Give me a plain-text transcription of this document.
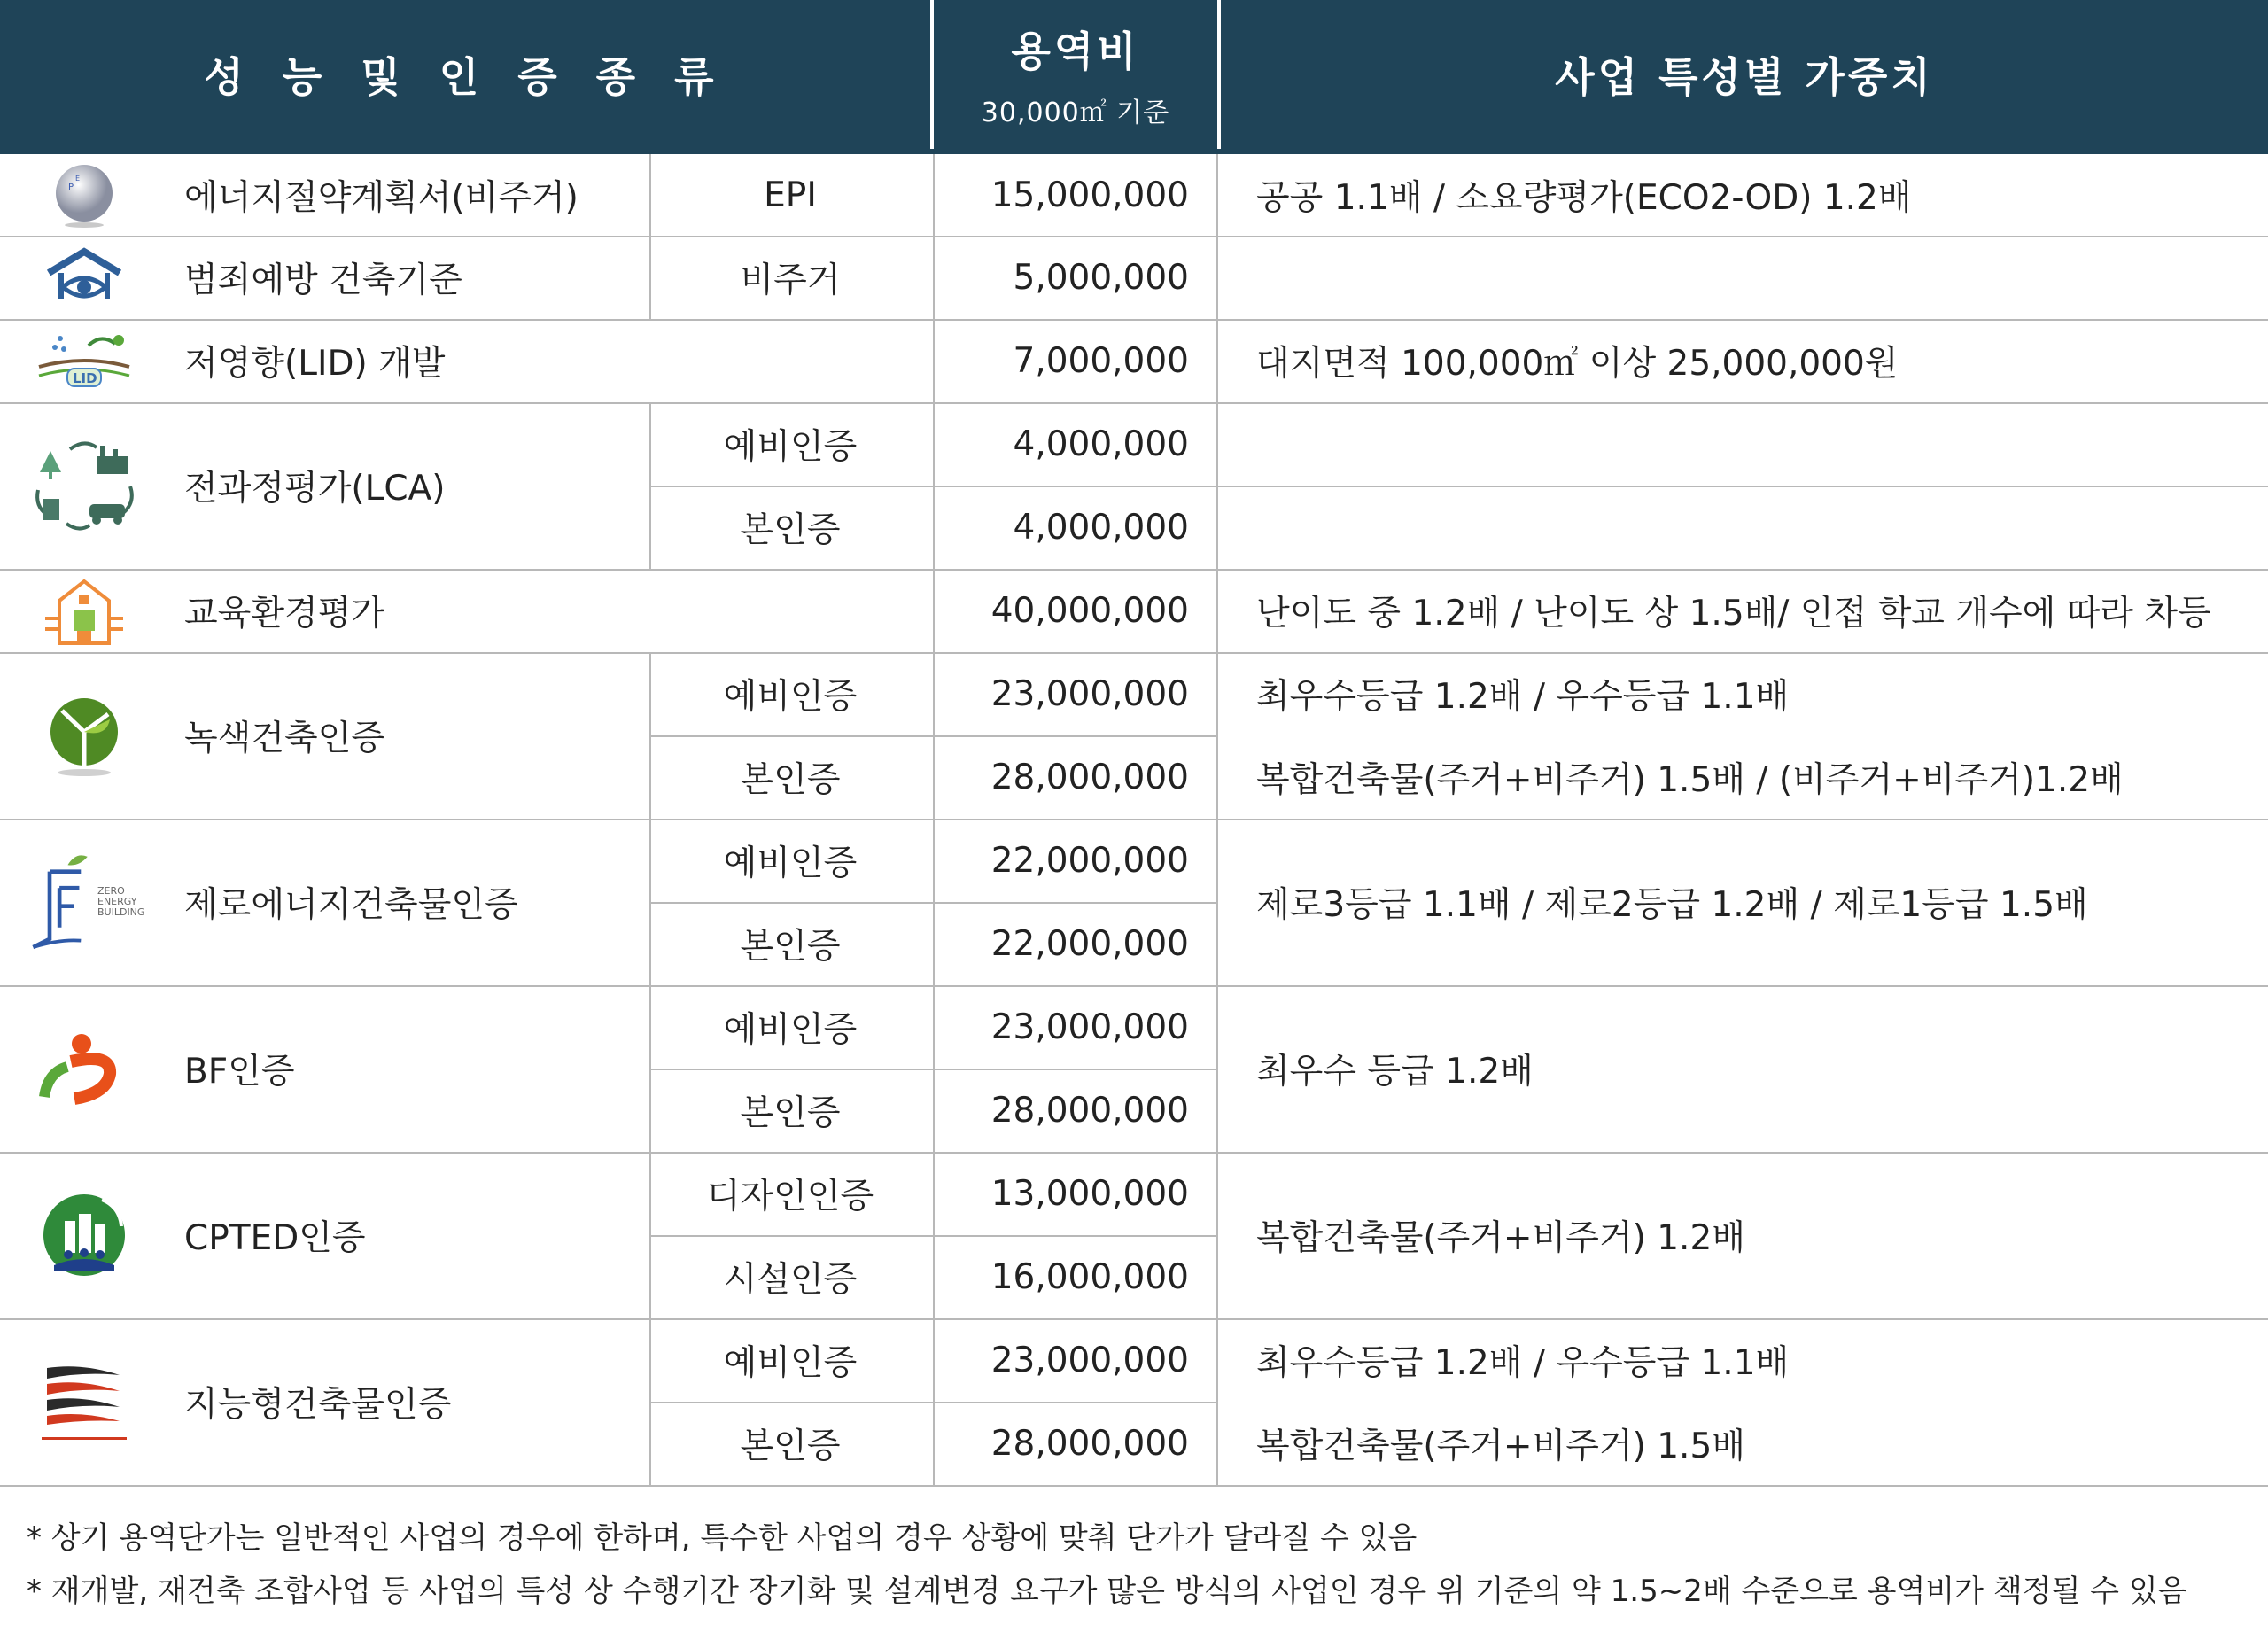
성 능 및 인 증 종 류
용역비
30,000㎡ 기준
사업 특성별 가중치
P
E	에너지절약계획서(비주거)	EPI	15,000,000 공공 1.1배 / 소요량평가(ECO2-OD) 1.2배
범죄예방 건축기준	비주거	5,000,000
LID	저영향(LID) 개발	7,000,000 대지면적 100,000㎡ 이상 25,000,000원
전과정평가(LCA)
예비인증	4,000,000
본인증	4,000,000
교육환경평가	40,000,000 난이도 중 1.2배 / 난이도 상 1.5배/ 인접 학교 개수에 따라 차등
녹색건축인증
예비인증	23,000,000 최우수등급 1.2배 / 우수등급 1.1배
본인증	28,000,000 복합건축물(주거+비주거) 1.5배 / (비주거+비주거)1.2배
ZERO
ENERGY
BUILDING 제로에너지건축물인증
예비인증	22,000,000
본인증	22,000,000
제로3등급 1.1배 / 제로2등급 1.2배 / 제로1등급 1.5배
BF인증
예비인증	23,000,000
본인증	28,000,000
최우수 등급 1.2배
CPTED인증
디자인인증	13,000,000
시설인증	16,000,000
복합건축물(주거+비주거) 1.2배
지능형건축물인증
예비인증	23,000,000 최우수등급 1.2배 / 우수등급 1.1배
본인증	28,000,000 복합건축물(주거+비주거) 1.5배
* 상기 용역단가는 일반적인 사업의 경우에 한하며, 특수한 사업의 경우 상황에 맞춰 단가가 달라질 수 있음
* 재개발, 재건축 조합사업 등 사업의 특성 상 수행기간 장기화 및 설계변경 요구가 많은 방식의 사업인 경우 위 기준의 약 1.5~2배 수준으로 용역비가 책정될 수 있음
